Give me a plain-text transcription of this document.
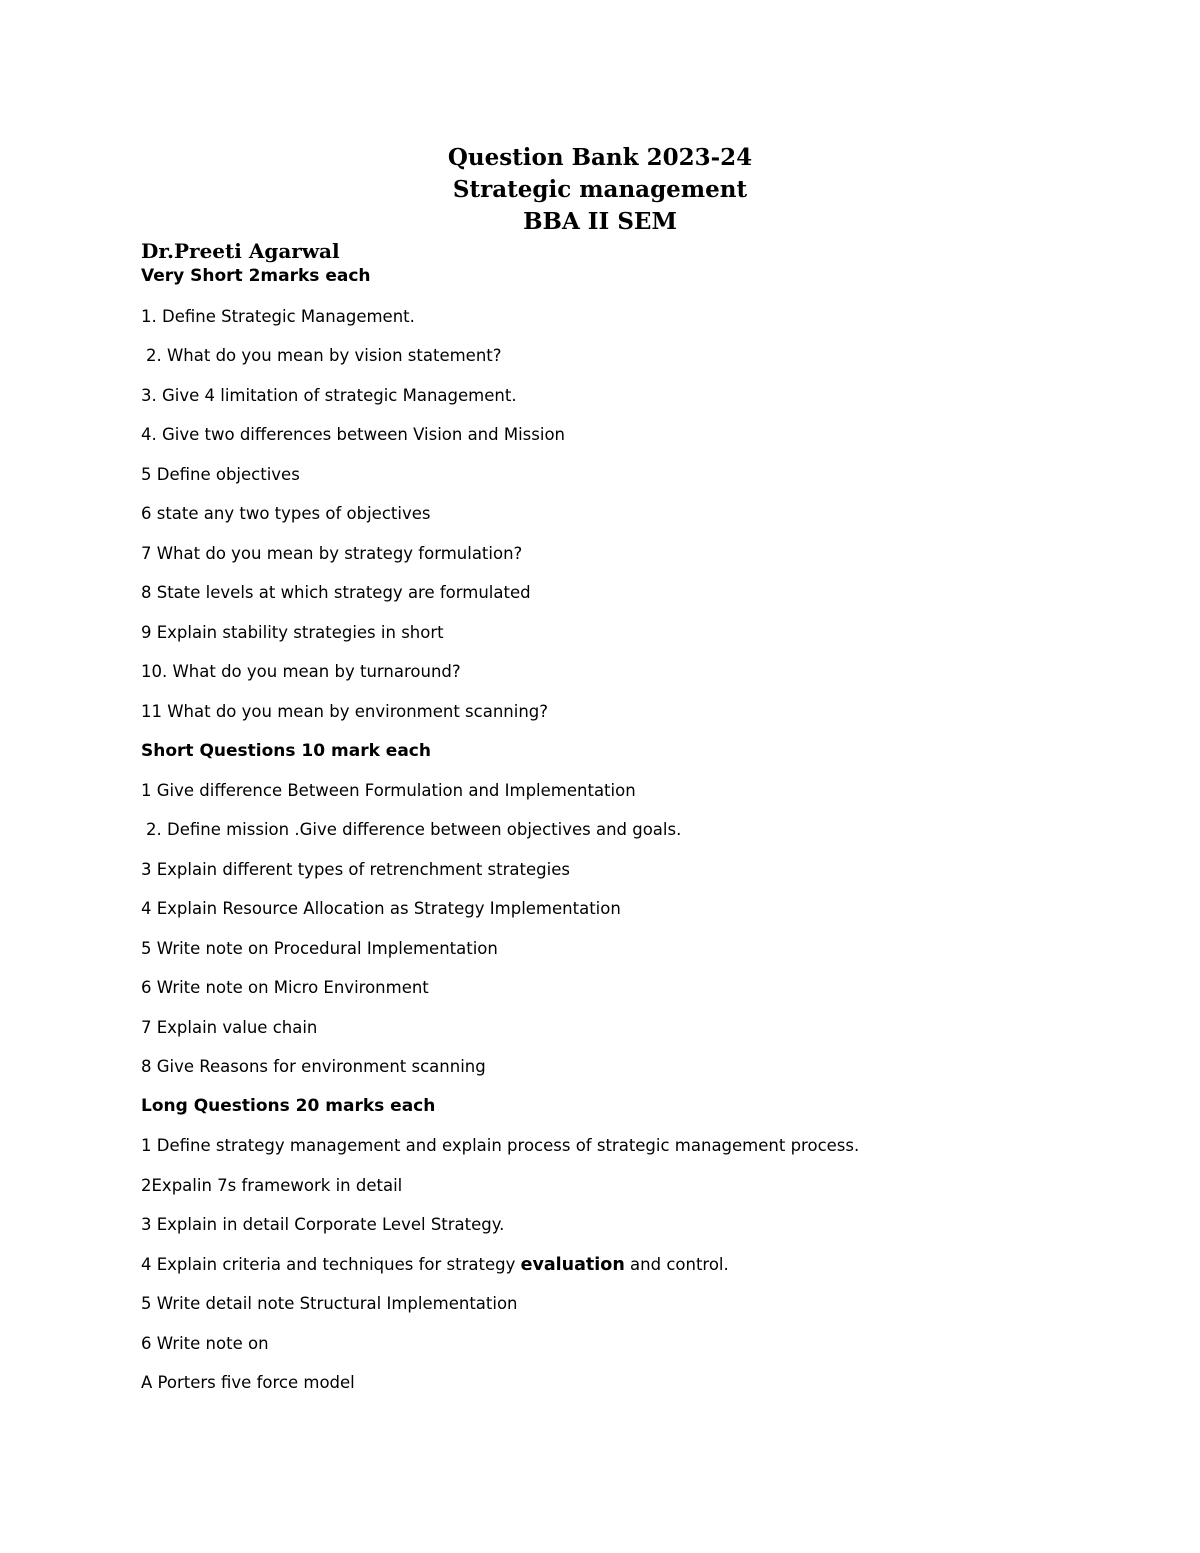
Question Bank 2023-24

Strategic management

BBA II SEM

Dr.Preeti Agarwal

Very Short 2marks each

1. Define Strategic Management.

2. What do you mean by vision statement?

3. Give 4 limitation of strategic Management.

4. Give two differences between Vision and Mission

5 Define objectives

6 state any two types of objectives

7 What do you mean by strategy formulation?

8 State levels at which strategy are formulated

9 Explain stability strategies in short

10. What do you mean by turnaround?

11 What do you mean by environment scanning?

Short Questions 10 mark each

1 Give difference Between Formulation and Implementation

2. Define mission .Give difference between objectives and goals.

3 Explain different types of retrenchment strategies

4 Explain Resource Allocation as Strategy Implementation

5 Write note on Procedural Implementation

6 Write note on Micro Environment

7 Explain value chain

8 Give Reasons for environment scanning

Long Questions 20 marks each

1 Define strategy management and explain process of strategic management process.

2Expalin 7s framework in detail

3 Explain in detail Corporate Level Strategy.

4 Explain criteria and techniques for strategy evaluation and control.

5 Write detail note Structural Implementation

6 Write note on

A Porters five force model
